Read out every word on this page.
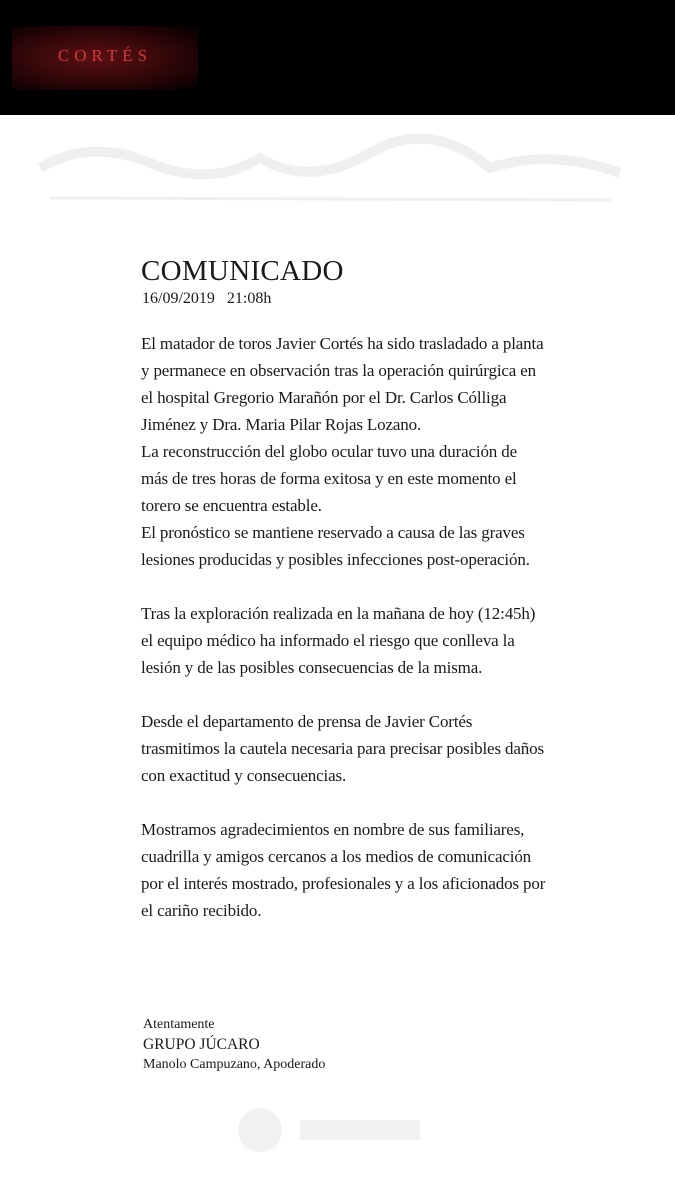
CORTÉS
COMUNICADO
16/09/2019   21:08h

El matador de toros Javier Cortés ha sido trasladado a planta y permanece en observación tras la operación quirúrgica en el hospital Gregorio Marañón por el Dr. Carlos Cólliga Jiménez y Dra. Maria Pilar Rojas Lozano.

La reconstrucción del globo ocular tuvo una duración de más de tres horas de forma exitosa y en este momento el torero se encuentra estable.

El pronóstico se mantiene reservado a causa de las graves lesiones producidas y posibles infecciones post-operación.

Tras la exploración realizada en la mañana de hoy (12:45h) el equipo médico ha informado el riesgo que conlleva la lesión y de las posibles consecuencias de la misma.

Desde el departamento de prensa de Javier Cortés trasmitimos la cautela necesaria para precisar posibles daños con exactitud y consecuencias.

Mostramos agradecimientos en nombre de sus familiares, cuadrilla y amigos cercanos a los medios de comunicación por el interés mostrado, profesionales y a los aficionados por el cariño recibido.

Atentamente
GRUPO JÚCARO
Manolo Campuzano, Apoderado
